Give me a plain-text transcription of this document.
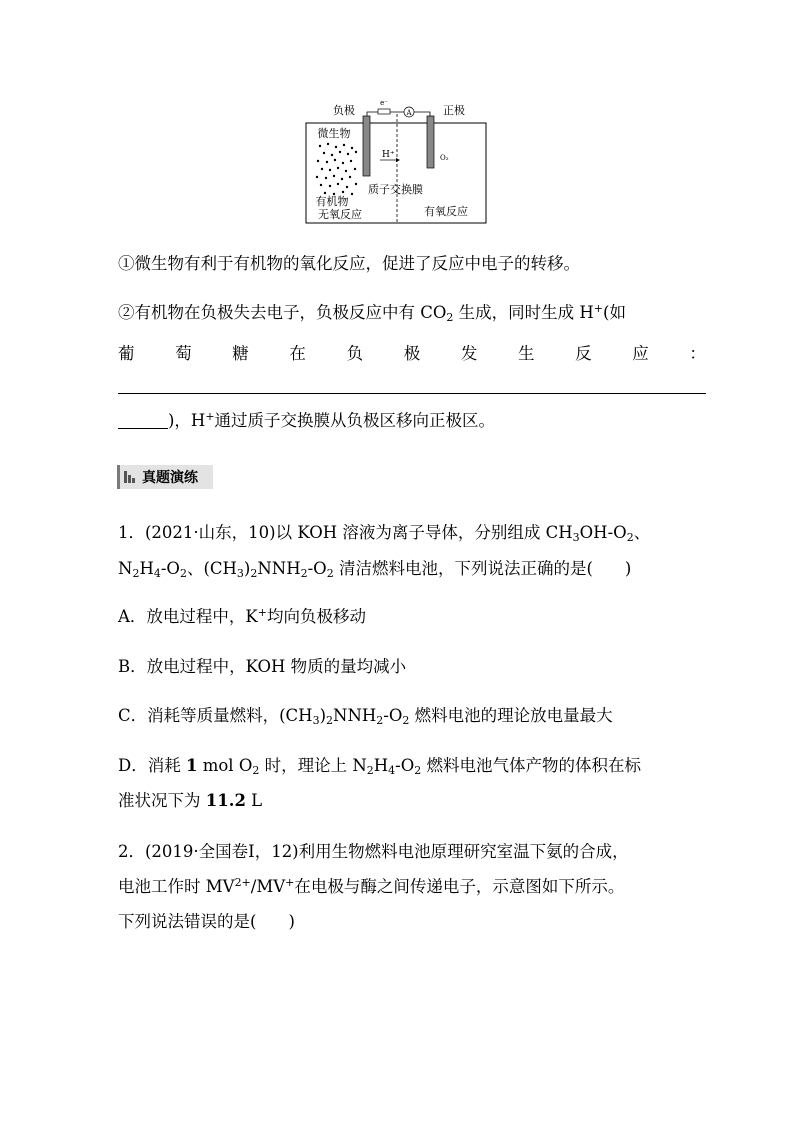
A
e⁻
负极	正极
微生物
O₂
H⁺
质子交换膜
有机物
无氧反应	有氧反应
①微生物有利于有机物的氧化反应，促进了反应中电子的转移。
②有机物在负极失去电子，负极反应中有 $CO_2$ 生成，同时生成 H+(如
葡 萄 糖 在 负 极 发 生 反 应 ：
)，H+通过质子交换膜从负极区移向正极区。
真题演练
1．(2021·山东，10)以 KOH 溶液为离子导体，分别组成 $CH_3OH-O_2$、
$N_2H_4-O_2$、$(CH_3)_2NNH_2-O_2$ 清洁燃料电池，下列说法正确的是( )
A．放电过程中，K+均向负极移动
B．放电过程中，KOH 物质的量均减小
C．消耗等质量燃料，$(CH_3)_2NNH_2-O_2$ 燃料电池的理论放电量最大
D．消耗 1 mol $O_2$ 时，理论上 $N_2H_4-O_2$ 燃料电池气体产物的体积在标
准状况下为 11.2 L
2．(2019·全国卷Ⅰ，12)利用生物燃料电池原理研究室温下氨的合成，
电池工作时 $MV^{2+}/MV^+$在电极与酶之间传递电子，示意图如下所示。
下列说法错误的是( )
